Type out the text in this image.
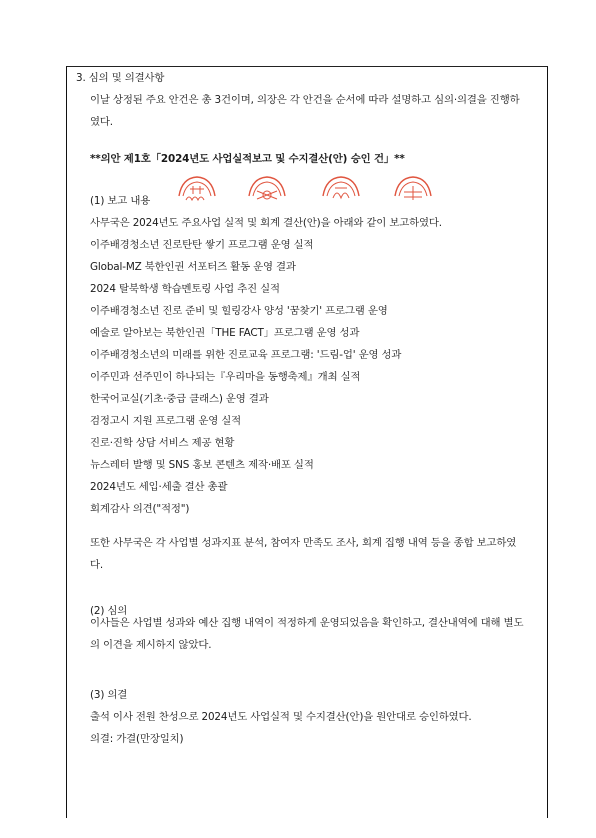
3. 심의 및 의결사항
이날 상정된 주요 안건은 총 3건이며, 의장은 각 안건을 순서에 따라 설명하고 심의·의결을 진행하였다.
**의안 제1호「2024년도 사업실적보고 및 수지결산(안) 승인 건」**
(1) 보고 내용
사무국은 2024년도 주요사업 실적 및 회계 결산(안)을 아래와 같이 보고하였다.
이주배경청소년 진로탄탄 쌓기 프로그램 운영 실적
Global-MZ 북한인권 서포터즈 활동 운영 결과
2024 탈북학생 학습멘토링 사업 추진 실적
이주배경청소년 진로 준비 및 힐링강사 양성 '꿈찾기' 프로그램 운영
예술로 알아보는 북한인권「THE FACT」프로그램 운영 성과
이주배경청소년의 미래를 위한 진로교육 프로그램: '드림-업' 운영 성과
이주민과 선주민이 하나되는『우리마을 동행축제』개최 실적
한국어교실(기초·중급 클래스) 운영 결과
검정고시 지원 프로그램 운영 실적
진로·진학 상담 서비스 제공 현황
뉴스레터 발행 및 SNS 홍보 콘텐츠 제작·배포 실적
2024년도 세입·세출 결산 총괄
회계감사 의견("적정")
또한 사무국은 각 사업별 성과지표 분석, 참여자 만족도 조사, 회계 집행 내역 등을 종합 보고하였다.
(2) 심의
이사들은 사업별 성과와 예산 집행 내역이 적정하게 운영되었음을 확인하고, 결산내역에 대해 별도의 이견을 제시하지 않았다.
(3) 의결
출석 이사 전원 찬성으로 2024년도 사업실적 및 수지결산(안)을 원안대로 승인하였다.
의결: 가결(만장일치)
